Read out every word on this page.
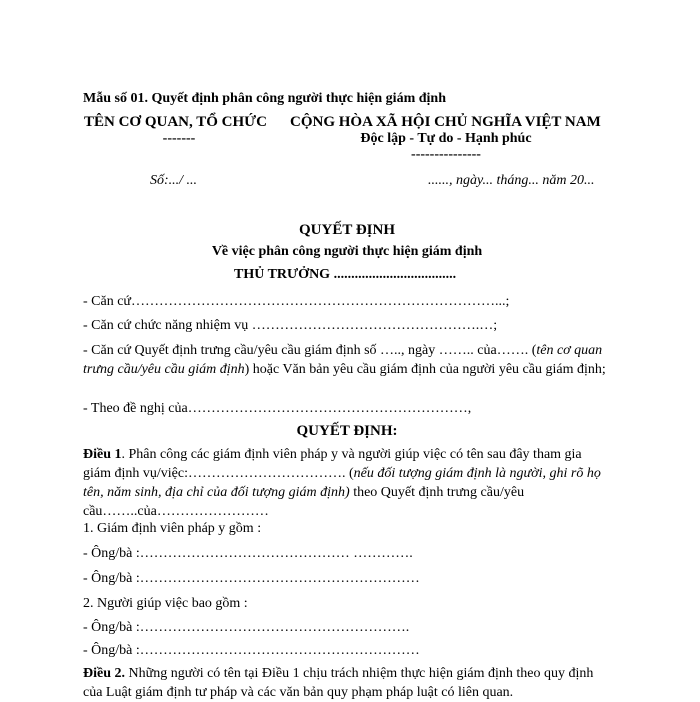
Mẫu số 01. Quyết định phân công người thực hiện giám định
TÊN CƠ QUAN, TỔ CHỨC
-------
CỘNG HÒA XÃ HỘI CHỦ NGHĨA VIỆT NAM
Độc lập - Tự do - Hạnh phúc
---------------
Số:.../ ...	......, ngày... tháng... năm 20...
QUYẾT ĐỊNH
Về việc phân công người thực hiện giám định
THỦ TRƯỞNG ...................................
- Căn cứ……………………………………………………………………...;
- Căn cứ chức năng nhiệm vụ ………………………………………….…;
- Căn cứ Quyết định trưng cầu/yêu cầu giám định số ….., ngày …….. của……. (tên cơ quan trưng cầu/yêu cầu giám định) hoặc Văn bản yêu cầu giám định của người yêu cầu giám định;
- Theo đề nghị của……………………………………………………,
QUYẾT ĐỊNH:
Điều 1. Phân công các giám định viên pháp y và người giúp việc có tên sau đây tham gia giám định vụ/việc:……………………………. (nếu đối tượng giám định là người, ghi rõ họ tên, năm sinh, địa chỉ của đối tượng giám định) theo Quyết định trưng cầu/yêu cầu……..của……………………
1. Giám định viên pháp y gồm :
- Ông/bà :……………………………………… ………….
- Ông/bà :……………………………………………………
2. Người giúp việc bao gồm :
- Ông/bà :………………………………………………….
- Ông/bà :……………………………………………………
Điều 2. Những người có tên tại Điều 1 chịu trách nhiệm thực hiện giám định theo quy định của Luật giám định tư pháp và các văn bản quy phạm pháp luật có liên quan.
